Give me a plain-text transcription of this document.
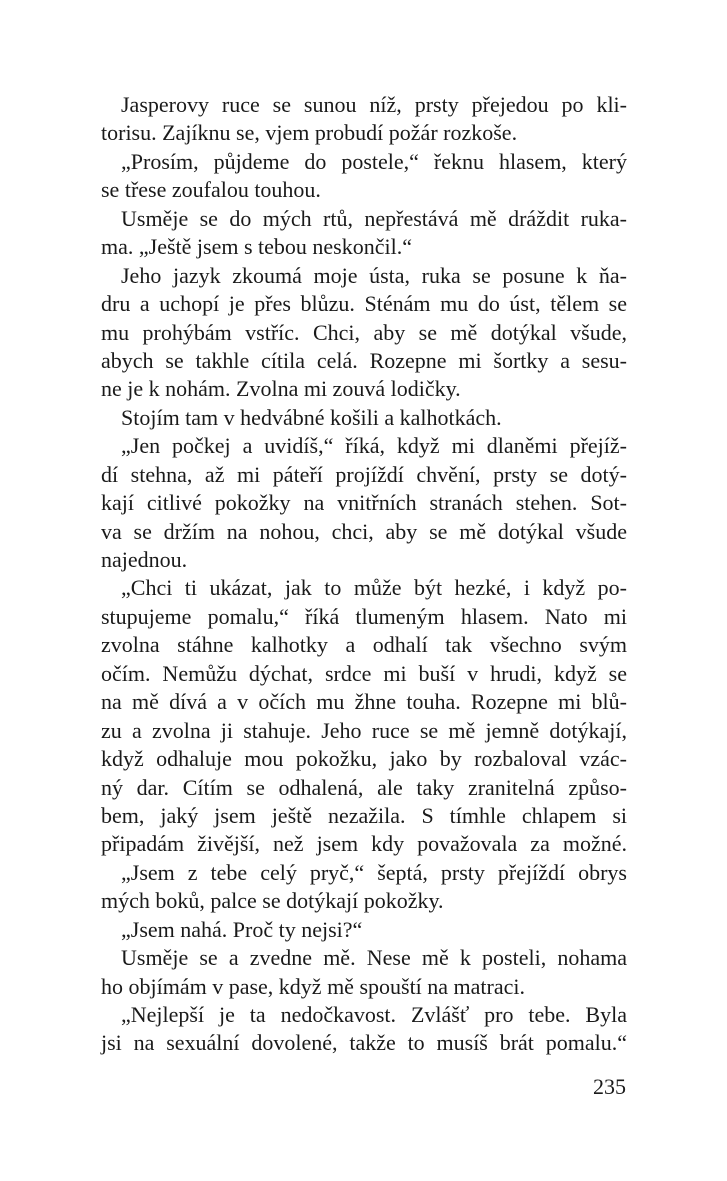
Jasperovy ruce se sunou níž, prsty přejedou po kli-
torisu. Zajíknu se, vjem probudí požár rozkoše.
„Prosím, půjdeme do postele,“ řeknu hlasem, který
se třese zoufalou touhou.
Usměje se do mých rtů, nepřestává mě dráždit ruka-
ma. „Ještě jsem s tebou neskončil.“
Jeho jazyk zkoumá moje ústa, ruka se posune k ňa-
dru a uchopí je přes blůzu. Sténám mu do úst, tělem se
mu prohýbám vstříc. Chci, aby se mě dotýkal všude,
abych se takhle cítila celá. Rozepne mi šortky a sesu-
ne je k nohám. Zvolna mi zouvá lodičky.
Stojím tam v hedvábné košili a kalhotkách.
„Jen počkej a uvidíš,“ říká, když mi dlaněmi přejíž-
dí stehna, až mi páteří projíždí chvění, prsty se dotý-
kají citlivé pokožky na vnitřních stranách stehen. Sot-
va se držím na nohou, chci, aby se mě dotýkal všude
najednou.
„Chci ti ukázat, jak to může být hezké, i když po-
stupujeme pomalu,“ říká tlumeným hlasem. Nato mi
zvolna stáhne kalhotky a odhalí tak všechno svým
očím. Nemůžu dýchat, srdce mi buší v hrudi, když se
na mě dívá a v očích mu žhne touha. Rozepne mi blů-
zu a zvolna ji stahuje. Jeho ruce se mě jemně dotýkají,
když odhaluje mou pokožku, jako by rozbaloval vzác-
ný dar. Cítím se odhalená, ale taky zranitelná způso-
bem, jaký jsem ještě nezažila. S tímhle chlapem si
připadám živější, než jsem kdy považovala za možné.
„Jsem z tebe celý pryč,“ šeptá, prsty přejíždí obrys
mých boků, palce se dotýkají pokožky.
„Jsem nahá. Proč ty nejsi?“
Usměje se a zvedne mě. Nese mě k posteli, nohama
ho objímám v pase, když mě spouští na matraci.
„Nejlepší je ta nedočkavost. Zvlášť pro tebe. Byla
jsi na sexuální dovolené, takže to musíš brát pomalu.“
235
